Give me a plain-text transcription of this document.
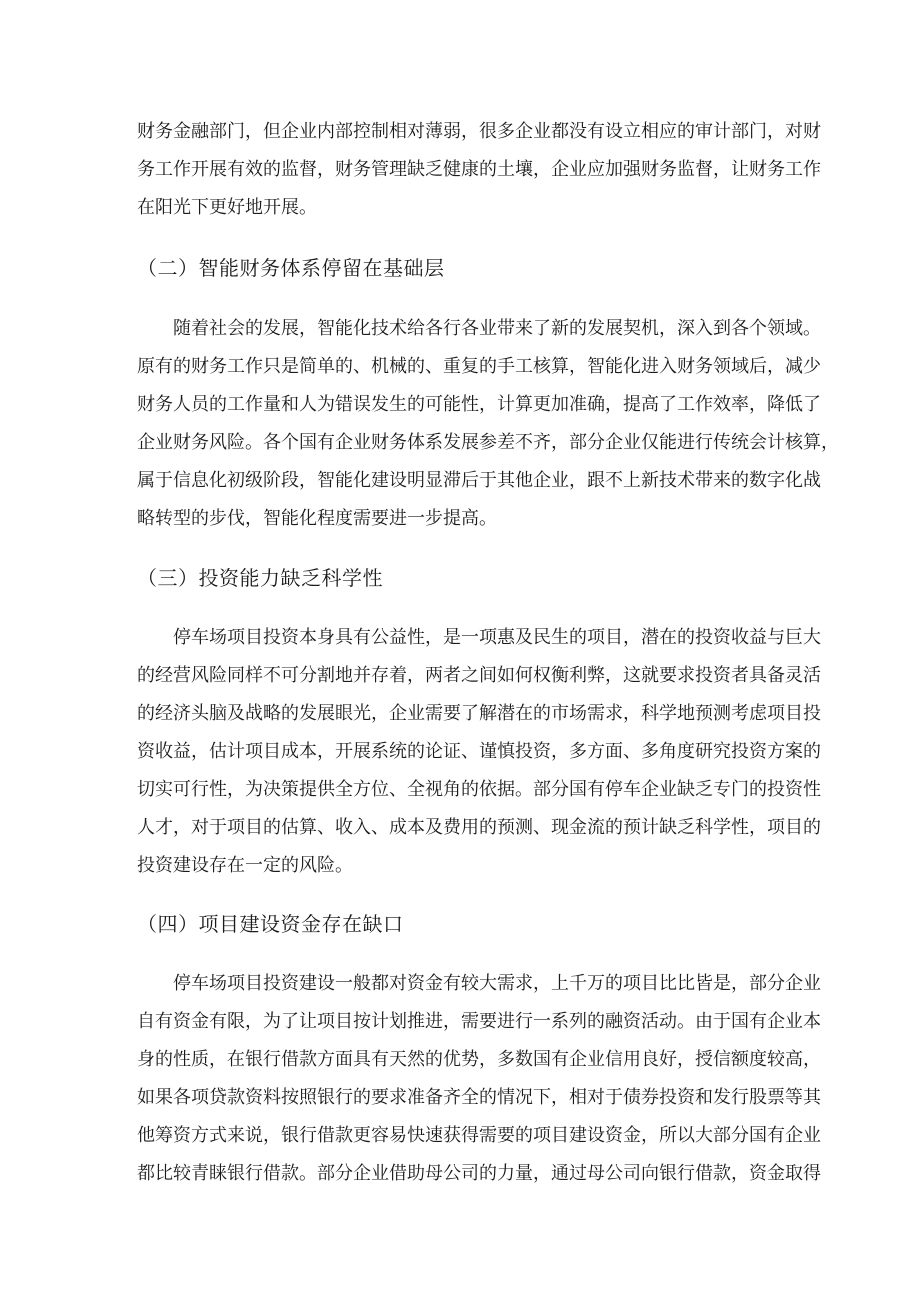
财务金融部门，但企业内部控制相对薄弱，很多企业都没有设立相应的审计部门，对财
务工作开展有效的监督，财务管理缺乏健康的土壤，企业应加强财务监督，让财务工作
在阳光下更好地开展。
（二）智能财务体系停留在基础层
　　随着社会的发展，智能化技术给各行各业带来了新的发展契机，深入到各个领域。
原有的财务工作只是简单的、机械的、重复的手工核算，智能化进入财务领域后，减少
财务人员的工作量和人为错误发生的可能性，计算更加准确，提高了工作效率，降低了
企业财务风险。各个国有企业财务体系发展参差不齐，部分企业仅能进行传统会计核算，
属于信息化初级阶段，智能化建设明显滞后于其他企业，跟不上新技术带来的数字化战
略转型的步伐，智能化程度需要进一步提高。
（三）投资能力缺乏科学性
　　停车场项目投资本身具有公益性，是一项惠及民生的项目，潜在的投资收益与巨大
的经营风险同样不可分割地并存着，两者之间如何权衡利弊，这就要求投资者具备灵活
的经济头脑及战略的发展眼光，企业需要了解潜在的市场需求，科学地预测考虑项目投
资收益，估计项目成本，开展系统的论证、谨慎投资，多方面、多角度研究投资方案的
切实可行性，为决策提供全方位、全视角的依据。部分国有停车企业缺乏专门的投资性
人才，对于项目的估算、收入、成本及费用的预测、现金流的预计缺乏科学性，项目的
投资建设存在一定的风险。
（四）项目建设资金存在缺口
　　停车场项目投资建设一般都对资金有较大需求，上千万的项目比比皆是，部分企业
自有资金有限，为了让项目按计划推进，需要进行一系列的融资活动。由于国有企业本
身的性质，在银行借款方面具有天然的优势，多数国有企业信用良好，授信额度较高，
如果各项贷款资料按照银行的要求准备齐全的情况下，相对于债券投资和发行股票等其
他筹资方式来说，银行借款更容易快速获得需要的项目建设资金，所以大部分国有企业
都比较青睐银行借款。部分企业借助母公司的力量，通过母公司向银行借款，资金取得
